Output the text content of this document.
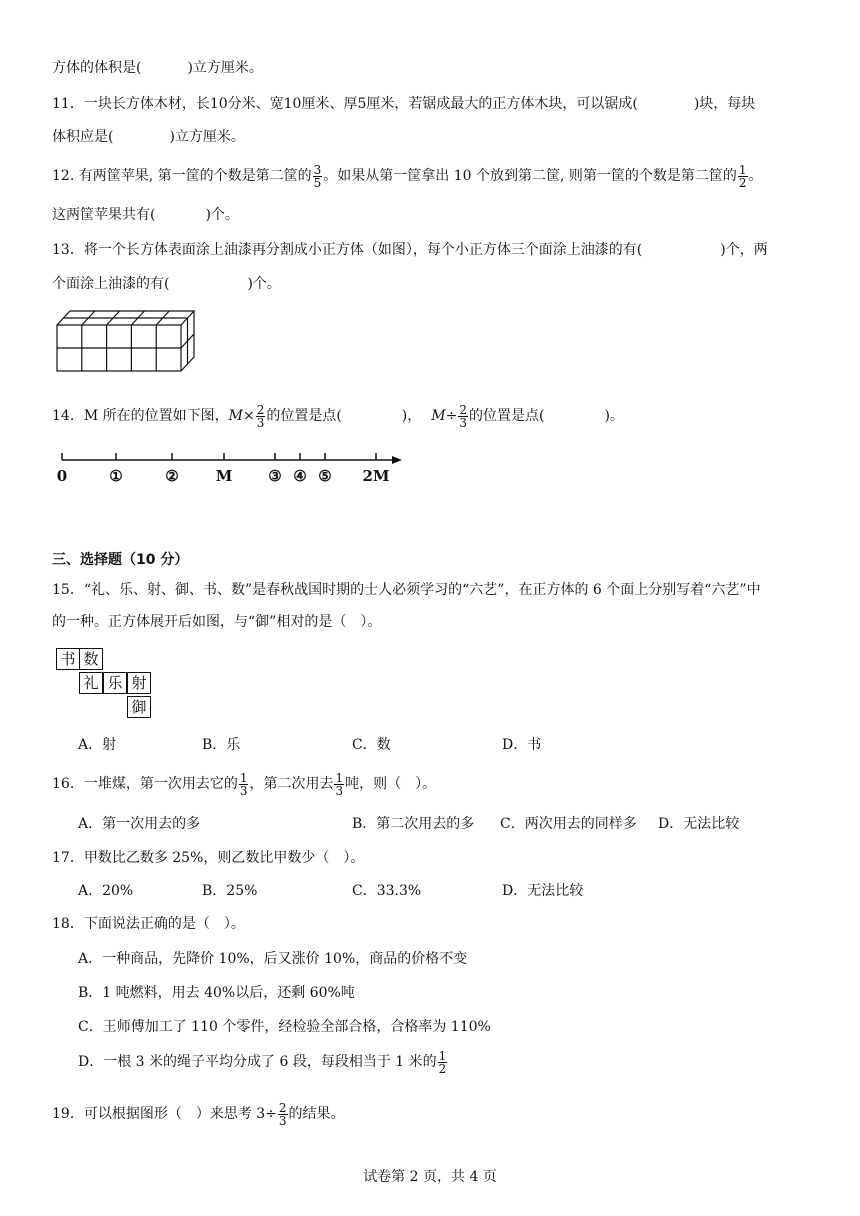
方体的体积是(	)立方厘米。
11．一块长方体木材，长10分米、宽10厘米、厚5厘米，若锯成最大的正方体木块，可以锯成(	)块，每块
体积应是(	)立方厘米。
12. 有两筐苹果, 第一筐的个数是第二筐的 $\frac{3}{5}$ 。如果从第一筐拿出 10 个放到第二筐, 则第一筐的个数是第二筐的 $\frac{1}{2}$ 。
这两筐苹果共有(	)个。
13．将一个长方体表面涂上油漆再分割成小正方体（如图），每个小正方体三个面涂上油漆的有(	)个，两
个面涂上油漆的有(	)个。
14．M 所在的位置如下图，$M\times \frac{2}{3}$ 的位置是点(	)， $M\div \frac{2}{3}$ 的位置是点(	)。
0	①	② M ③ ④ ⑤ 2M
三、选择题（10 分）
15．“礼、乐、射、御、书、数”是春秋战国时期的士人必须学习的“六艺”，在正方体的 6 个面上分别写着“六艺”中
的一种。正方体展开后如图，与“御”相对的是（　）。
书 数
礼 乐 射
御
A．射	B．乐	C．数	D．书
16．一堆煤，第一次用去它的 $\frac{1}{3}$ ，第二次用去 $\frac{1}{3}$ 吨，则（　）。
A．第一次用去的多	B．第二次用去的多 C．两次用去的同样多 D．无法比较
17．甲数比乙数多 25%，则乙数比甲数少（　）。
A．20%	B．25%	C．33.3%	D．无法比较
18．下面说法正确的是（　）。
A．一种商品，先降价 10%，后又涨价 10%，商品的价格不变
B．1 吨燃料，用去 40%以后，还剩 60%吨
C．王师傅加工了 110 个零件，经检验全部合格，合格率为 110%
D．一根 3 米的绳子平均分成了 6 段，每段相当于 1 米的 $\frac{1}{2}$
19．可以根据图形（　）来思考 $3\div \frac{2}{3}$ 的结果。
试卷第 2 页，共 4 页
